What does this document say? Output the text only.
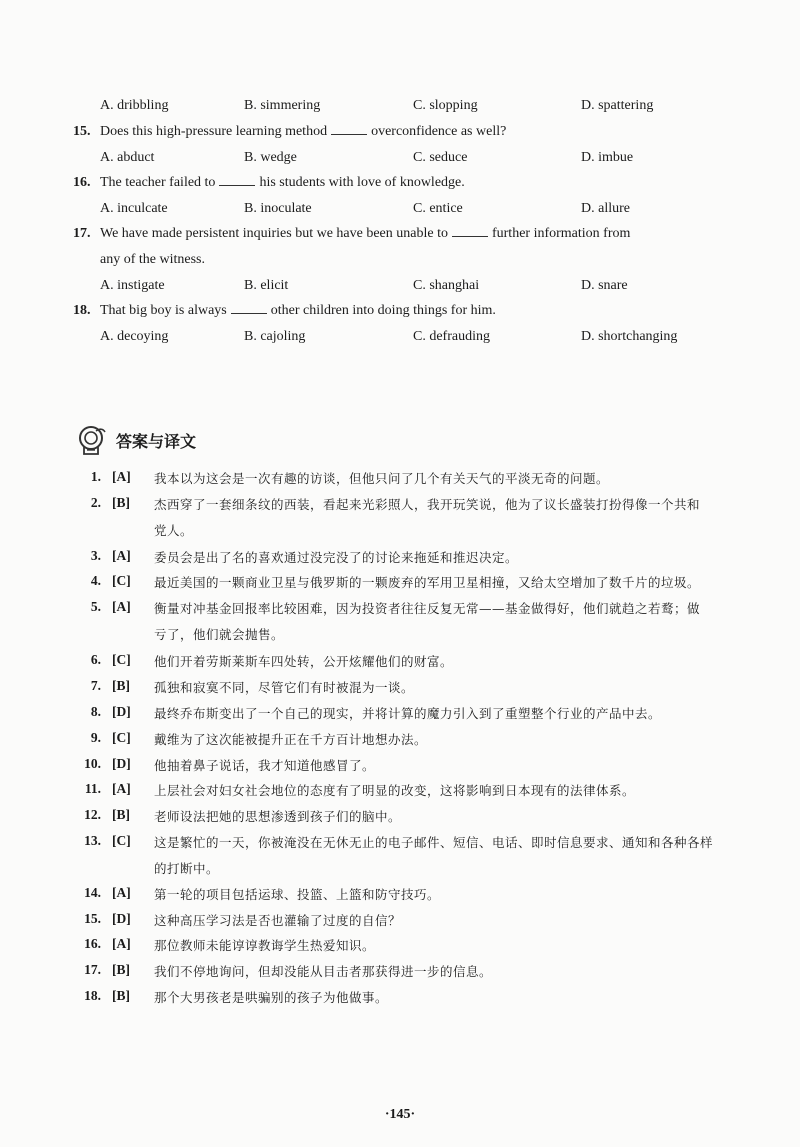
A. dribbling	B. simmering	C. slopping	D. spattering
15. Does this high-pressure learning method	overconfidence as well?
A. abduct	B. wedge	C. seduce	D. imbue
16. The teacher failed to	his students with love of knowledge.
A. inculcate	B. inoculate	C. entice	D. allure
17. We have made persistent inquiries but we have been unable to	further information from
any of the witness.
A. instigate	B. elicit	C. shanghai	D. snare
18. That big boy is always	other children into doing things for him.
A. decoying	B. cajoling	C. defrauding	D. shortchanging
答案与译文
1. [A] 我本以为这会是一次有趣的访谈，但他只问了几个有关天气的平淡无奇的问题。
2. [B] 杰西穿了一套细条纹的西装，看起来光彩照人，我开玩笑说，他为了议长盛装打扮得像一个共和
党人。
3. [A] 委员会是出了名的喜欢通过没完没了的讨论来拖延和推迟决定。
4. [C] 最近美国的一颗商业卫星与俄罗斯的一颗废弃的军用卫星相撞，又给太空增加了数千片的垃圾。
5. [A] 衡量对冲基金回报率比较困难，因为投资者往往反复无常——基金做得好，他们就趋之若鹜；做
亏了，他们就会抛售。
6. [C] 他们开着劳斯莱斯车四处转，公开炫耀他们的财富。
7. [B] 孤独和寂寞不同，尽管它们有时被混为一谈。
8. [D] 最终乔布斯变出了一个自己的现实，并将计算的魔力引入到了重塑整个行业的产品中去。
9. [C] 戴维为了这次能被提升正在千方百计地想办法。
10. [D] 他抽着鼻子说话，我才知道他感冒了。
11. [A] 上层社会对妇女社会地位的态度有了明显的改变，这将影响到日本现有的法律体系。
12. [B] 老师设法把她的思想渗透到孩子们的脑中。
13. [C] 这是繁忙的一天，你被淹没在无休无止的电子邮件、短信、电话、即时信息要求、通知和各种各样
的打断中。
14. [A] 第一轮的项目包括运球、投篮、上篮和防守技巧。
15. [D] 这种高压学习法是否也灌输了过度的自信？
16. [A] 那位教师未能谆谆教诲学生热爱知识。
17. [B] 我们不停地询问，但却没能从目击者那获得进一步的信息。
18. [B] 那个大男孩老是哄骗别的孩子为他做事。
·145·
